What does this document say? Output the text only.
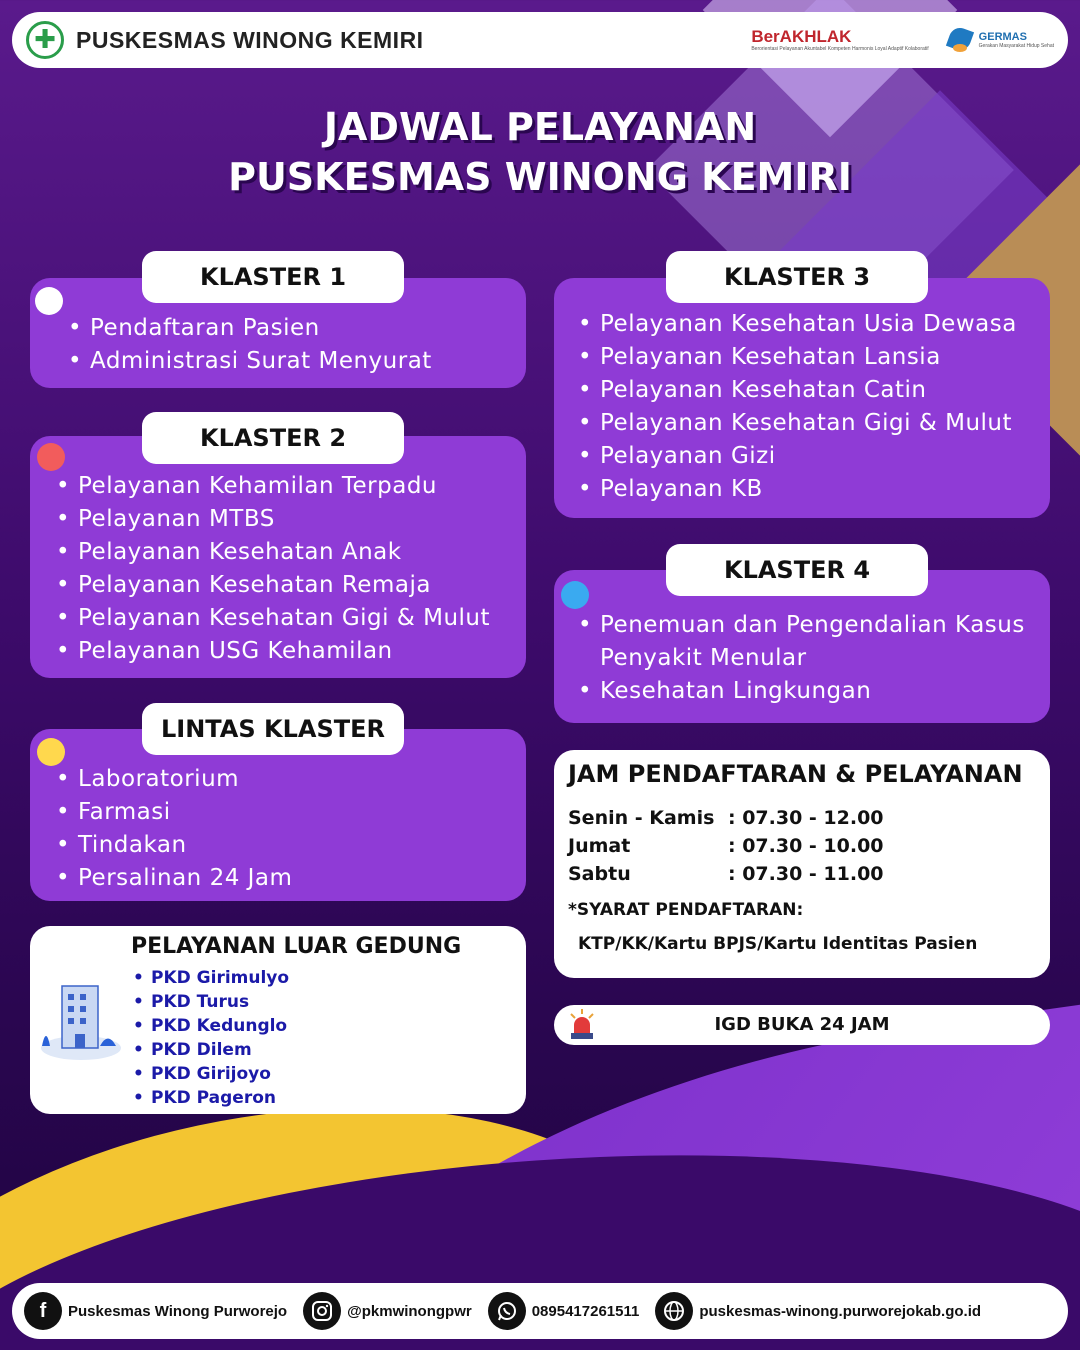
✚ PUSKESMAS WINONG KEMIRI	BerAKHLAK
Berorientasi Pelayanan Akuntabel Kompeten Harmonis Loyal Adaptif Kolaboratif
GERMAS
Gerakan Masyarakat Hidup Sehat
JADWAL PELAYANAN
PUSKESMAS WINONG KEMIRI
• Pendaftaran Pasien
• Administrasi Surat Menyurat
KLASTER 1
• Pelayanan Kehamilan Terpadu
• Pelayanan MTBS
• Pelayanan Kesehatan Anak
• Pelayanan Kesehatan Remaja
• Pelayanan Kesehatan Gigi & Mulut
• Pelayanan USG Kehamilan
KLASTER 2
• Laboratorium
• Farmasi
• Tindakan
• Persalinan 24 Jam
LINTAS KLASTER
PELAYANAN LUAR GEDUNG
• PKD Girimulyo
• PKD Turus
• PKD Kedunglo
• PKD Dilem
• PKD Girijoyo
• PKD Pageron
• Pelayanan Kesehatan Usia Dewasa
• Pelayanan Kesehatan Lansia
• Pelayanan Kesehatan Catin
• Pelayanan Kesehatan Gigi & Mulut
• Pelayanan Gizi
• Pelayanan KB
KLASTER 3
• Penemuan dan Pengendalian Kasus Penyakit Menular
• Kesehatan Lingkungan
KLASTER 4
JAM PENDAFTARAN & PELAYANAN
Senin - Kamis : 07.30 - 12.00
Jumat	: 07.30 - 10.00
Sabtu	: 07.30 - 11.00
*SYARAT PENDAFTARAN:
KTP/KK/Kartu BPJS/Kartu Identitas Pasien
IGD BUKA 24 JAM
f	Puskesmas Winong Purworejo	@pkmwinongpwr	0895417261511	puskesmas-winong.purworejokab.go.id
